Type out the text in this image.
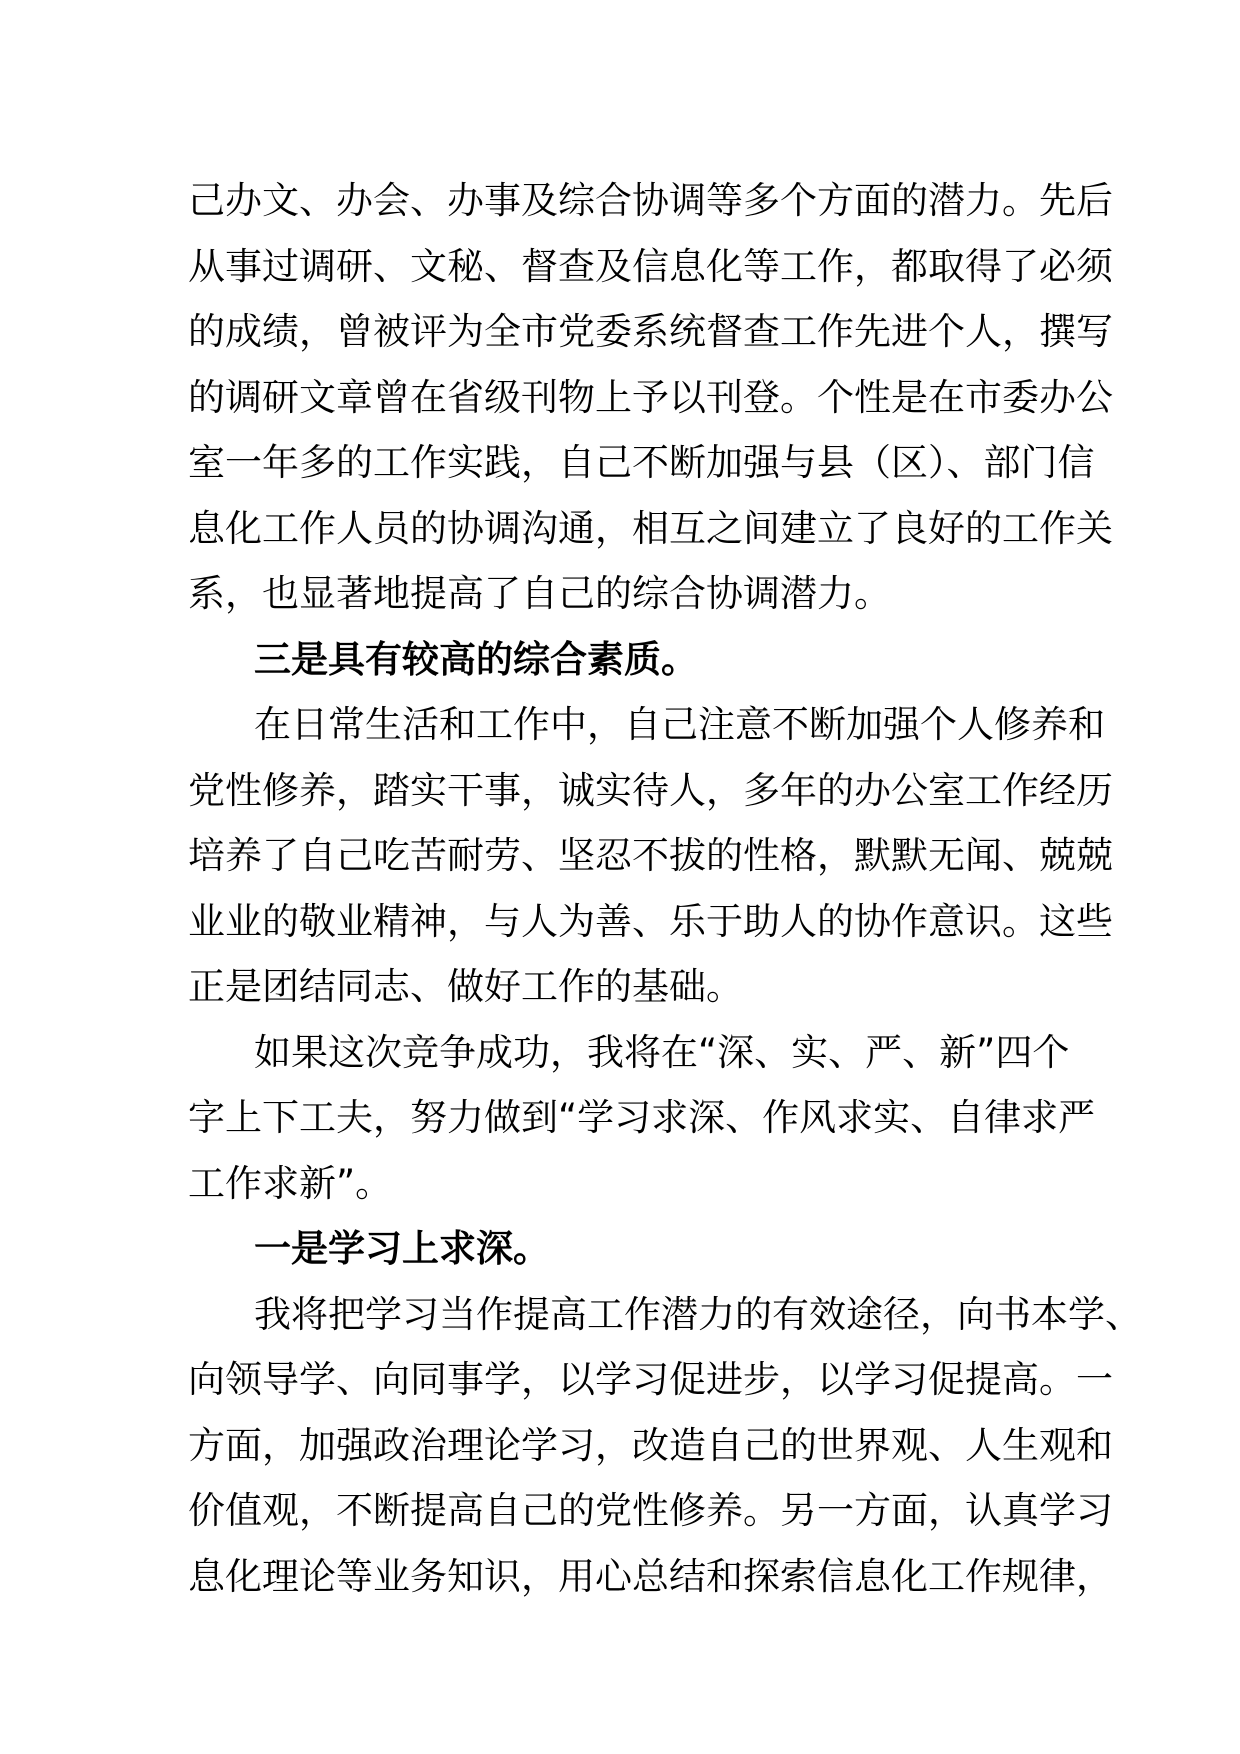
己办文、办会、办事及综合协调等多个方面的潜力。先后
从事过调研、文秘、督查及信息化等工作，都取得了必须
的成绩，曾被评为全市党委系统督查工作先进个人，撰写
的调研文章曾在省级刊物上予以刊登。个性是在市委办公
室一年多的工作实践，自己不断加强与县（区）、部门信
息化工作人员的协调沟通，相互之间建立了良好的工作关
系，也显著地提高了自己的综合协调潜力。
三是具有较高的综合素质。
在日常生活和工作中，自己注意不断加强个人修养和
党性修养，踏实干事，诚实待人，多年的办公室工作经历
培养了自己吃苦耐劳、坚忍不拔的性格，默默无闻、兢兢
业业的敬业精神，与人为善、乐于助人的协作意识。这些
正是团结同志、做好工作的基础。
如果这次竞争成功，我将在“深、实、严、新”四个
字上下工夫，努力做到“学习求深、作风求实、自律求严
工作求新”。
一是学习上求深。
我将把学习当作提高工作潜力的有效途径，向书本学、
向领导学、向同事学，以学习促进步，以学习促提高。一
方面，加强政治理论学习，改造自己的世界观、人生观和
价值观，不断提高自己的党性修养。另一方面，认真学习
息化理论等业务知识，用心总结和探索信息化工作规律，
